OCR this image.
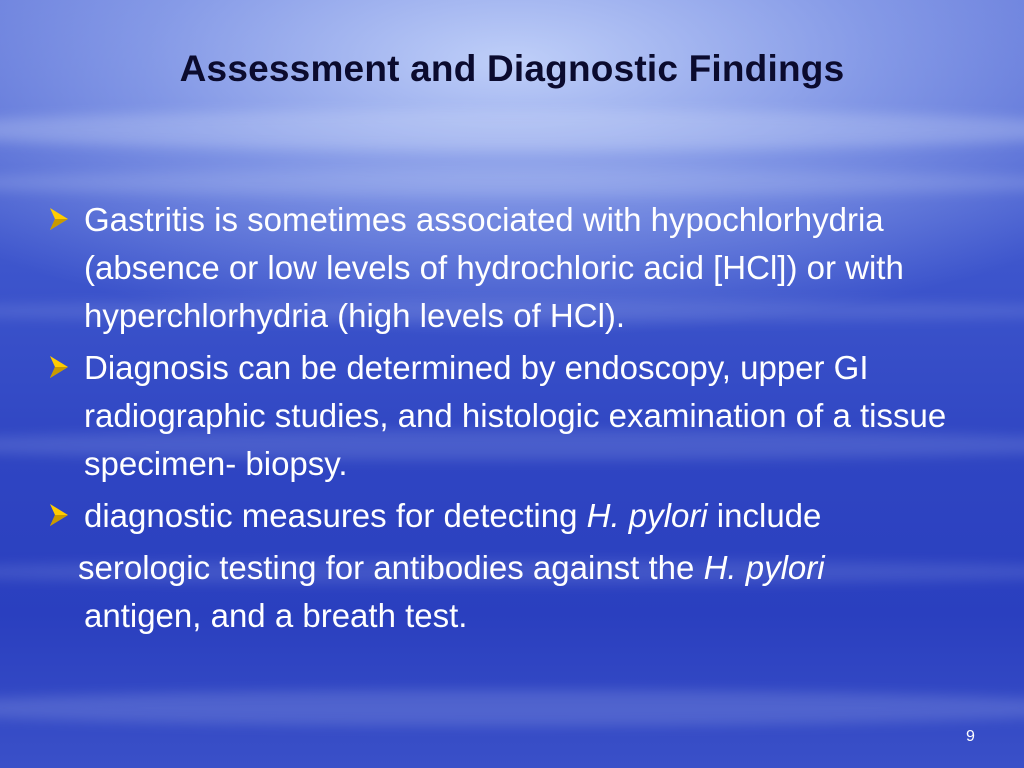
Assessment and Diagnostic Findings
Gastritis is sometimes associated with hypochlorhydria (absence or low levels of hydrochloric acid [HCl]) or with hyperchlorhydria (high levels of HCl).
Diagnosis can be determined by endoscopy, upper GI radiographic studies, and histologic examination of a tissue specimen- biopsy.
diagnostic measures for detecting H. pylori include
serologic testing for antibodies against the H. pylori
antigen, and a breath test.
9
